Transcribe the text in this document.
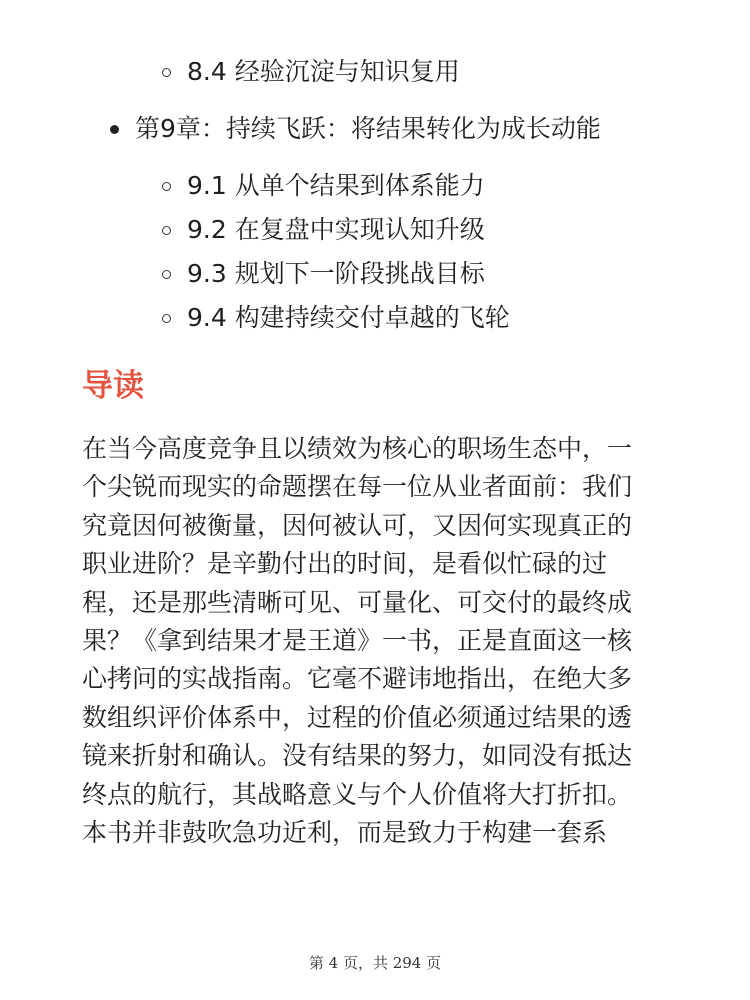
8.4 经验沉淀与知识复用
第9章：持续飞跃：将结果转化为成长动能
9.1 从单个结果到体系能力
9.2 在复盘中实现认知升级
9.3 规划下一阶段挑战目标
9.4 构建持续交付卓越的飞轮
导读
在当今高度竞争且以绩效为核心的职场生态中，一
个尖锐而现实的命题摆在每一位从业者面前：我们
究竟因何被衡量，因何被认可，又因何实现真正的
职业进阶？是辛勤付出的时间，是看似忙碌的过
程，还是那些清晰可见、可量化、可交付的最终成
果？《拿到结果才是王道》一书，正是直面这一核
心拷问的实战指南。它毫不避讳地指出，在绝大多
数组织评价体系中，过程的价值必须通过结果的透
镜来折射和确认。没有结果的努力，如同没有抵达
终点的航行，其战略意义与个人价值将大打折扣。
本书并非鼓吹急功近利，而是致力于构建一套系
第 4 页，共 294 页
